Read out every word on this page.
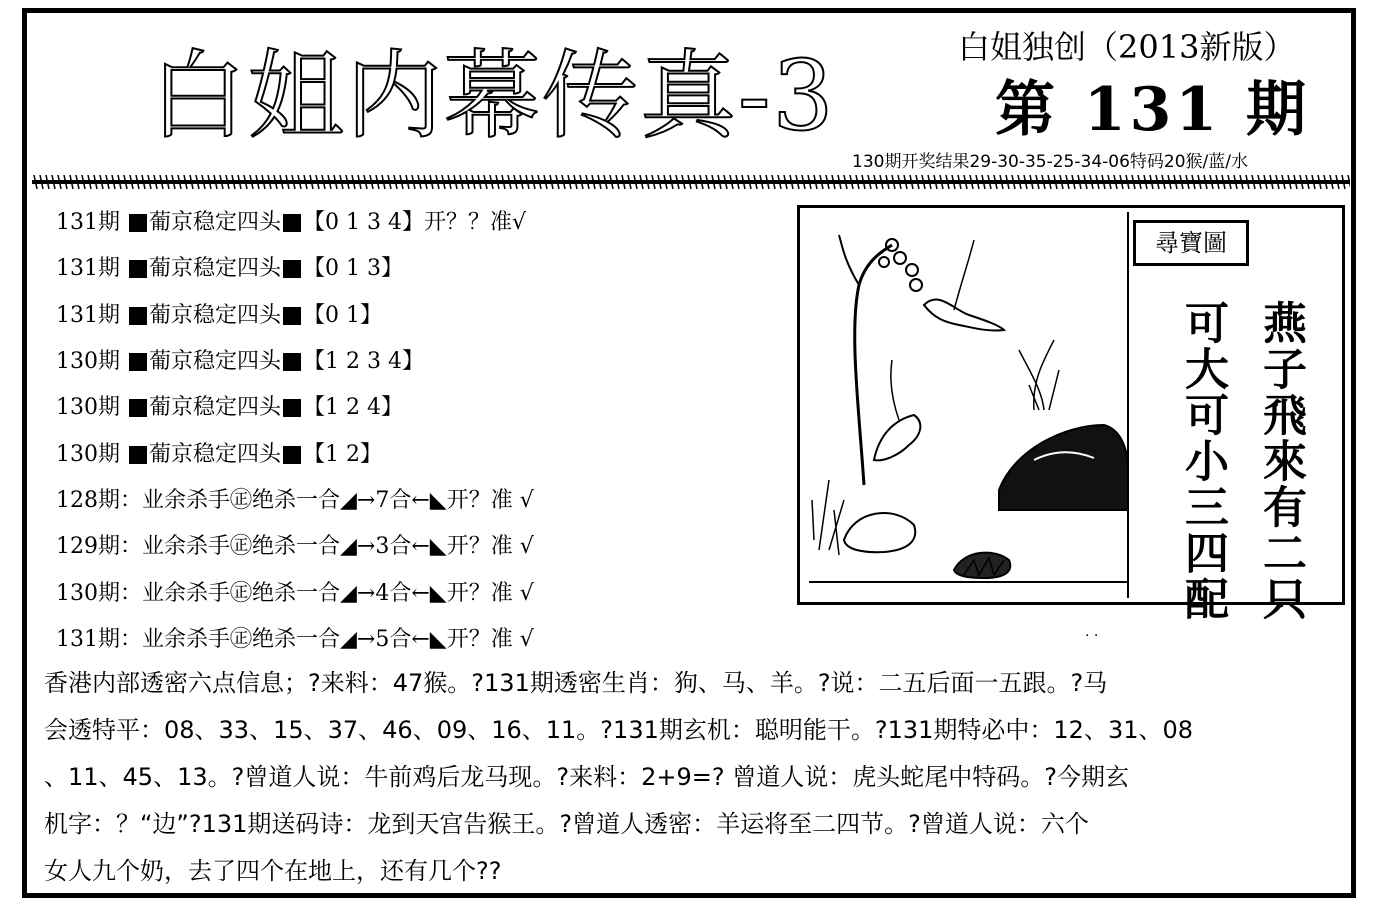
白姐内幕传真-3	白姐独创（2013新版）
第 131 期
130期开奖结果29-30-35-25-34-06特码20猴/蓝/水
131期
葡京稳定四头 【0 1 3 4】开？？准√
131期
葡京稳定四头 【0 1 3】
131期
葡京稳定四头 【0 1】
130期
葡京稳定四头 【1 2 3 4】
130期
葡京稳定四头 【1 2 4】
130期
葡京稳定四头 【1 2】
128期：业余杀手㊣绝杀一合◢→7合←◣开？准 √
129期：业余杀手㊣绝杀一合◢→3合←◣开？准 √
130期：业余杀手㊣绝杀一合◢→4合←◣开？准 √
131期：业余杀手㊣绝杀一合◢→5合←◣开？准 √
尋寶圖
燕子飛來有二只
可大可小三四配
· ·
香港内部透密六点信息；?来料：47猴。?131期透密生肖：狗、马、羊。?说：二五后面一五跟。?马
会透特平：08、33、15、37、46、09、16、11。?131期玄机：聪明能干。?131期特必中：12、31、08
、11、45、13。?曾道人说：牛前鸡后龙马现。?来料：2+9=? 曾道人说：虎头蛇尾中特码。?今期玄
机字：？“边”?131期送码诗：龙到天宫告猴王。?曾道人透密：羊运将至二四节。?曾道人说：六个
女人九个奶，去了四个在地上，还有几个??
